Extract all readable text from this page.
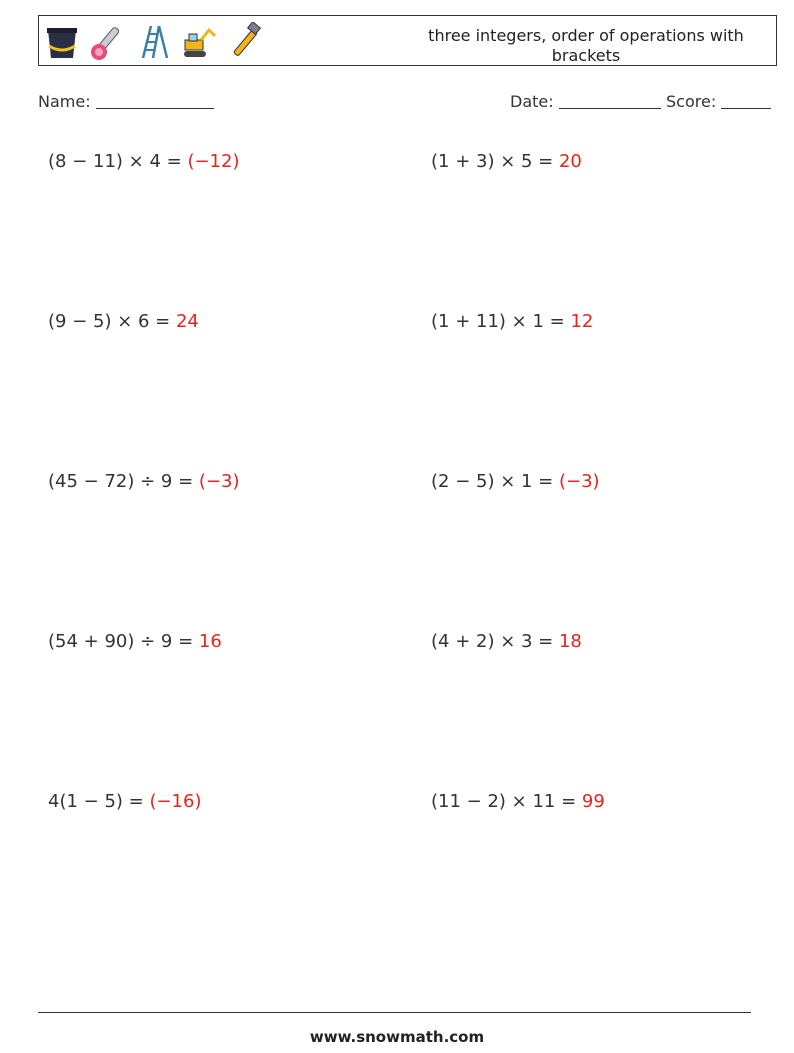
three integers, order of operations with brackets
Name:	Date:	Score:
(8 − 11) × 4 = (−12)	(1 + 3) × 5 = 20
(9 − 5) × 6 = 24	(1 + 11) × 1 = 12
(45 − 72) ÷ 9 = (−3)	(2 − 5) × 1 = (−3)
(54 + 90) ÷ 9 = 16	(4 + 2) × 3 = 18
4(1 − 5) = (−16)	(11 − 2) × 11 = 99
www.snowmath.com
